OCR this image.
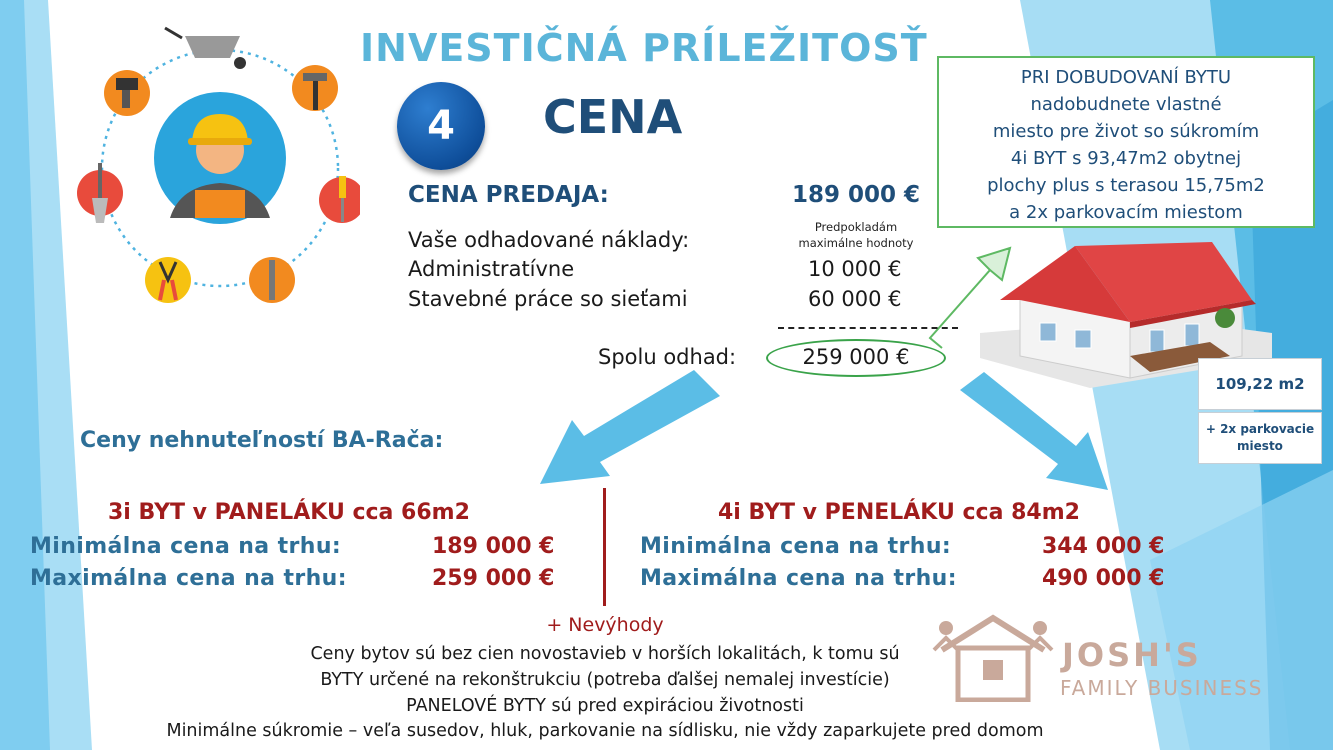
INVESTIČNÁ PRÍLEŽITOSŤ
4	CENA
CENA PREDAJA:	189 000 €
Predpokladám
maximálne hodnoty
Vaše odhadované náklady:
Administratívne	10 000 €
Stavebné práce so sieťami	60 000 €
Spolu odhad:	259 000 €
PRI DOBUDOVANÍ BYTU
nadobudnete vlastné
miesto pre život so súkromím
4i BYT s 93,47m2 obytnej
plochy plus s terasou 15,75m2
a 2x parkovacím miestom
109,22 m2
+ 2x parkovacie
miesto
Ceny nehnuteľností BA-Rača:
3i BYT v PANELÁKU cca 66m2
Minimálna cena na trhu:	189 000 €
Maximálna cena na trhu:	259 000 €
4i BYT v PENELÁKU cca 84m2
Minimálna cena na trhu:	344 000 €
Maximálna cena na trhu:	490 000 €
+ Nevýhody
Ceny bytov sú bez cien novostavieb v horších lokalitách, k tomu sú
BYTY určené na rekonštrukciu (potreba ďalšej nemalej investície)
PANELOVÉ BYTY sú pred expiráciou životnosti
Minimálne súkromie – veľa susedov, hluk, parkovanie na sídlisku, nie vždy zaparkujete pred domom
JOSH'S
FAMILY BUSINESS
